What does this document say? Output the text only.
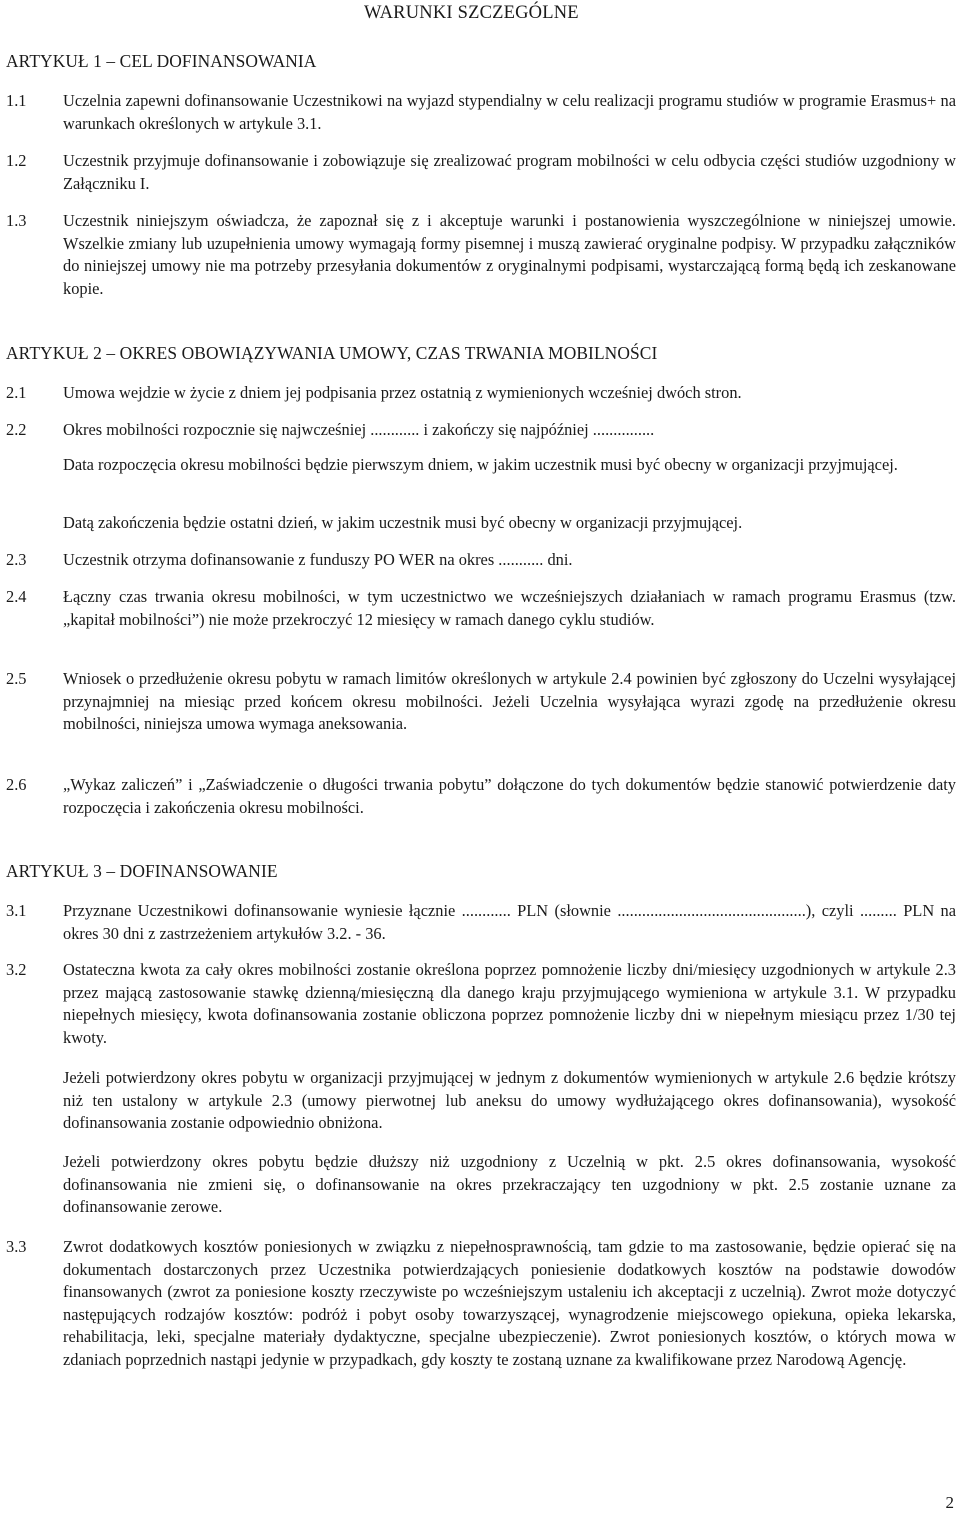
WARUNKI SZCZEGÓLNE
ARTYKUŁ 1 – CEL DOFINANSOWANIA
1.1 Uczelnia zapewni dofinansowanie Uczestnikowi na wyjazd stypendialny w celu realizacji programu studiów w programie Erasmus+ na warunkach określonych w artykule 3.1.
1.2 Uczestnik przyjmuje dofinansowanie i zobowiązuje się zrealizować program mobilności w celu odbycia części studiów uzgodniony w Załączniku I.
1.3 Uczestnik niniejszym oświadcza, że zapoznał się z i akceptuje warunki i postanowienia wyszczególnione w niniejszej umowie. Wszelkie zmiany lub uzupełnienia umowy wymagają formy pisemnej i muszą zawierać oryginalne podpisy. W przypadku załączników do niniejszej umowy nie ma potrzeby przesyłania dokumentów z oryginalnymi podpisami, wystarczającą formą będą ich zeskanowane kopie.
ARTYKUŁ 2 – OKRES OBOWIĄZYWANIA UMOWY, CZAS TRWANIA MOBILNOŚCI
2.1 Umowa wejdzie w życie z dniem jej podpisania przez ostatnią z wymienionych wcześniej dwóch stron.
2.2 Okres mobilności rozpocznie się najwcześniej ............ i zakończy się najpóźniej ...............
Data rozpoczęcia okresu mobilności będzie pierwszym dniem, w jakim uczestnik musi być obecny w organizacji przyjmującej.
Datą zakończenia będzie ostatni dzień, w jakim uczestnik musi być obecny w organizacji przyjmującej.
2.3 Uczestnik otrzyma dofinansowanie z funduszy PO WER na okres ........... dni.
2.4 Łączny czas trwania okresu mobilności, w tym uczestnictwo we wcześniejszych działaniach w ramach programu Erasmus (tzw. „kapitał mobilności”) nie może przekroczyć 12 miesięcy w ramach danego cyklu studiów.
2.5 Wniosek o przedłużenie okresu pobytu w ramach limitów określonych w artykule 2.4 powinien być zgłoszony do Uczelni wysyłającej przynajmniej na miesiąc przed końcem okresu mobilności. Jeżeli Uczelnia wysyłająca wyrazi zgodę na przedłużenie okresu mobilności, niniejsza umowa wymaga aneksowania.
2.6 „Wykaz zaliczeń” i „Zaświadczenie o długości trwania pobytu” dołączone do tych dokumentów będzie stanowić potwierdzenie daty rozpoczęcia i zakończenia okresu mobilności.
ARTYKUŁ 3 – DOFINANSOWANIE
3.1 Przyznane Uczestnikowi dofinansowanie wyniesie łącznie ............ PLN (słownie ..............................................), czyli ......... PLN na okres 30 dni z zastrzeżeniem artykułów 3.2. - 36.
3.2 Ostateczna kwota za cały okres mobilności zostanie określona poprzez pomnożenie liczby dni/miesięcy uzgodnionych w artykule 2.3 przez mającą zastosowanie stawkę dzienną/miesięczną dla danego kraju przyjmującego wymieniona w artykule 3.1. W przypadku niepełnych miesięcy, kwota dofinansowania zostanie obliczona poprzez pomnożenie liczby dni w niepełnym miesiącu przez 1/30 tej kwoty.
Jeżeli potwierdzony okres pobytu w organizacji przyjmującej w jednym z dokumentów wymienionych w artykule 2.6 będzie krótszy niż ten ustalony w artykule 2.3 (umowy pierwotnej lub aneksu do umowy wydłużającego okres dofinansowania), wysokość dofinansowania zostanie odpowiednio obniżona.
Jeżeli potwierdzony okres pobytu będzie dłuższy niż uzgodniony z Uczelnią w pkt. 2.5 okres dofinansowania, wysokość dofinansowania nie zmieni się, o dofinansowanie na okres przekraczający ten uzgodniony w pkt. 2.5 zostanie uznane za dofinansowanie zerowe.
3.3 Zwrot dodatkowych kosztów poniesionych w związku z niepełnosprawnością, tam gdzie to ma zastosowanie, będzie opierać się na dokumentach dostarczonych przez Uczestnika potwierdzających poniesienie dodatkowych kosztów na podstawie dowodów finansowanych (zwrot za poniesione koszty rzeczywiste po wcześniejszym ustaleniu ich akceptacji z uczelnią). Zwrot może dotyczyć następujących rodzajów kosztów: podróż i pobyt osoby towarzyszącej, wynagrodzenie miejscowego opiekuna, opieka lekarska, rehabilitacja, leki, specjalne materiały dydaktyczne, specjalne ubezpieczenie). Zwrot poniesionych kosztów, o których mowa w zdaniach poprzednich nastąpi jedynie w przypadkach, gdy koszty te zostaną uznane za kwalifikowane przez Narodową Agencję.
2
